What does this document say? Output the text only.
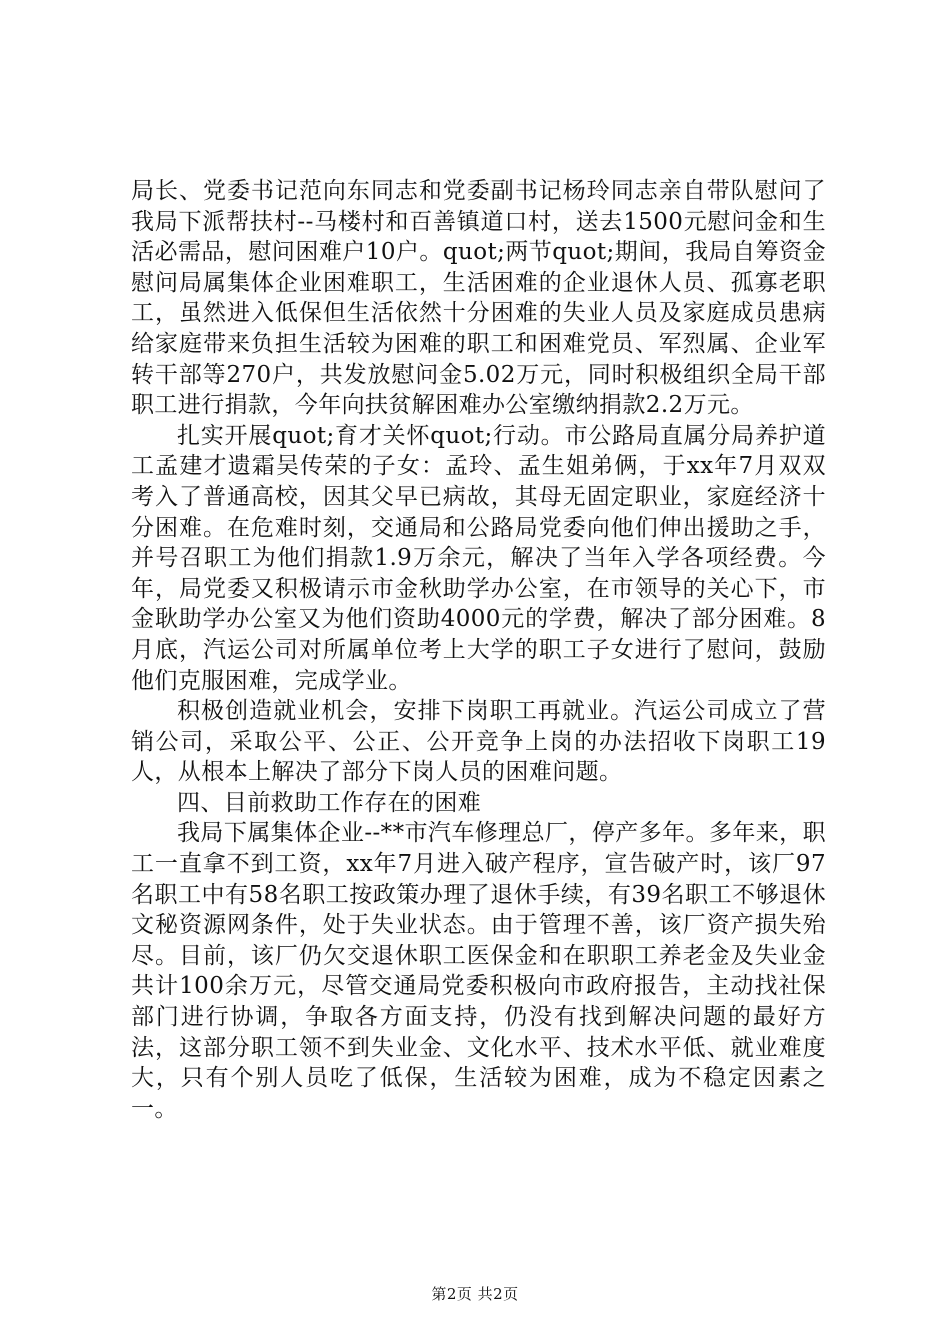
局长、党委书记范向东同志和党委副书记杨玲同志亲自带队慰问了我局下派帮扶村--马楼村和百善镇道口村，送去1500元慰问金和生活必需品，慰问困难户10户。quot;两节quot;期间，我局自筹资金慰问局属集体企业困难职工，生活困难的企业退休人员、孤寡老职工，虽然进入低保但生活依然十分困难的失业人员及家庭成员患病给家庭带来负担生活较为困难的职工和困难党员、军烈属、企业军转干部等270户，共发放慰问金5.02万元，同时积极组织全局干部职工进行捐款，今年向扶贫解困难办公室缴纳捐款2.2万元。

扎实开展quot;育才关怀quot;行动。市公路局直属分局养护道工孟建才遗霜吴传荣的子女：孟玲、孟生姐弟俩，于xx年7月双双考入了普通高校，因其父早已病故，其母无固定职业，家庭经济十分困难。在危难时刻，交通局和公路局党委向他们伸出援助之手，并号召职工为他们捐款1.9万余元，解决了当年入学各项经费。今年，局党委又积极请示市金秋助学办公室，在市领导的关心下，市金耿助学办公室又为他们资助4000元的学费，解决了部分困难。8月底，汽运公司对所属单位考上大学的职工子女进行了慰问，鼓励他们克服困难，完成学业。

积极创造就业机会，安排下岗职工再就业。汽运公司成立了营销公司，采取公平、公正、公开竞争上岗的办法招收下岗职工19人，从根本上解决了部分下岗人员的困难问题。

四、目前救助工作存在的困难

我局下属集体企业--**市汽车修理总厂，停产多年。多年来，职工一直拿不到工资，xx年7月进入破产程序，宣告破产时，该厂97名职工中有58名职工按政策办理了退休手续，有39名职工不够退休文秘资源网条件，处于失业状态。由于管理不善，该厂资产损失殆尽。目前，该厂仍欠交退休职工医保金和在职职工养老金及失业金共计100余万元，尽管交通局党委积极向市政府报告，主动找社保部门进行协调，争取各方面支持，仍没有找到解决问题的最好方法，这部分职工领不到失业金、文化水平、技术水平低、就业难度大，只有个别人员吃了低保，生活较为困难，成为不稳定因素之一。

第2页 共2页
